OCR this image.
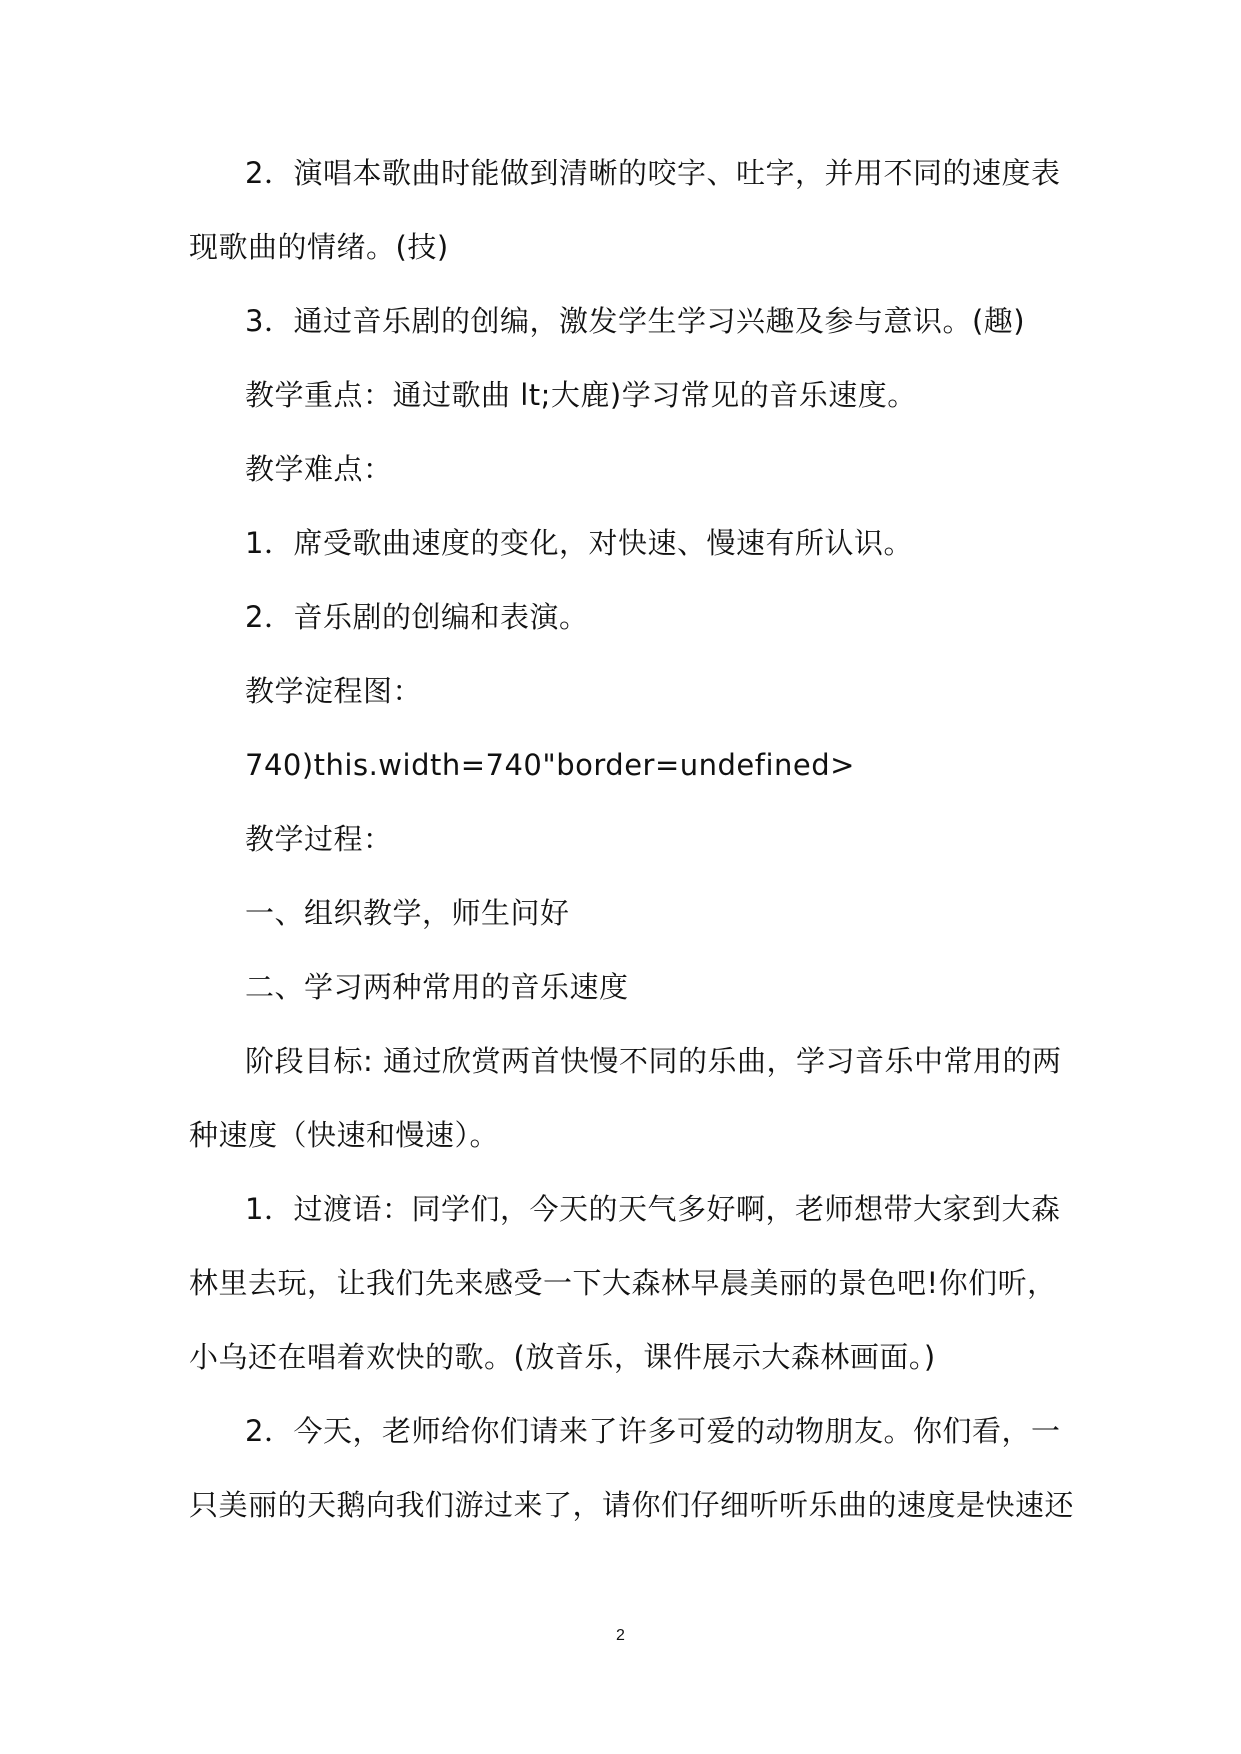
2．演唱本歌曲时能做到清晰的咬字、吐字，并用不同的速度表
现歌曲的情绪。(技)
3．通过音乐剧的创编，激发学生学习兴趣及参与意识。(趣)
教学重点：通过歌曲 lt;大鹿)学习常见的音乐速度。
教学难点：
1．席受歌曲速度的变化，对快速、慢速有所认识。
2．音乐剧的创编和表演。
教学淀程图：
740)this.width=740"border=undefined>
教学过程：
一、组织教学，师生问好
二、学习两种常用的音乐速度
阶段目标: 通过欣赏两首快慢不同的乐曲，学习音乐中常用的两
种速度（快速和慢速）。
1．过渡语：同学们，今天的天气多好啊，老师想带大家到大森
林里去玩，让我们先来感受一下大森林早晨美丽的景色吧!你们听，
小乌还在唱着欢快的歌。(放音乐，课件展示大森林画面。)
2．今天，老师给你们请来了许多可爱的动物朋友。你们看，一
只美丽的天鹅向我们游过来了，请你们仔细听听乐曲的速度是快速还
2
